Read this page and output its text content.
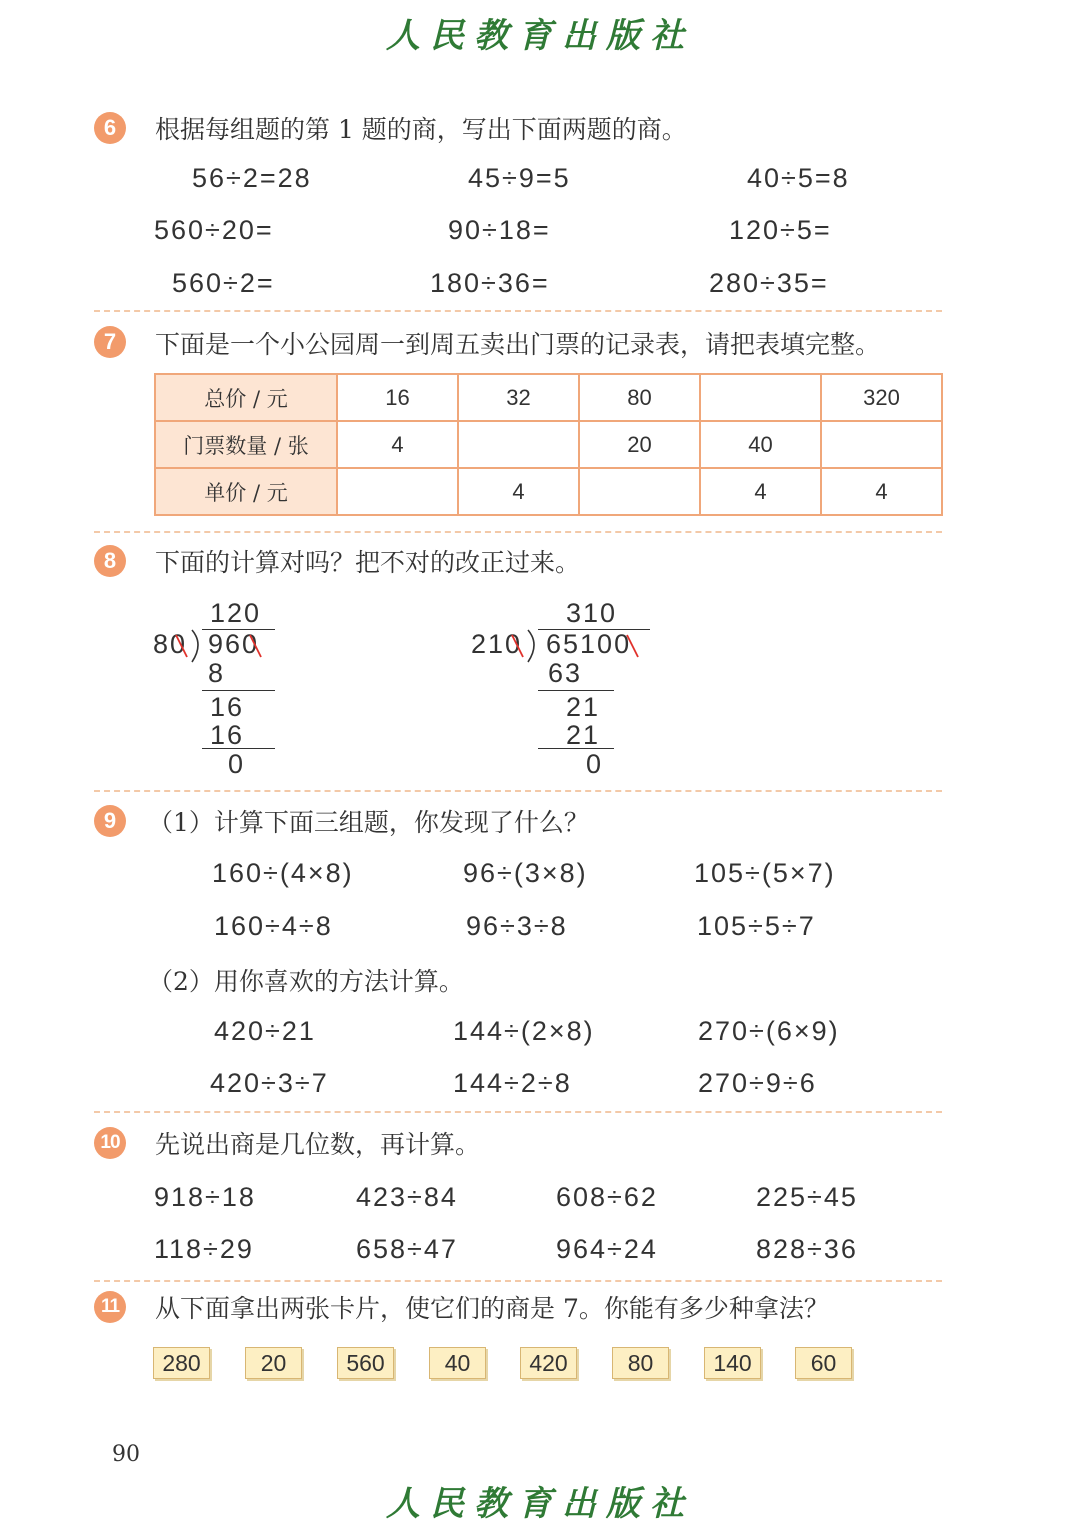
人民教育出版社
6	根据每组题的第 1 题的商，写出下面两题的商。
56÷2=28
560÷20=
560÷2=
45÷9=5
90÷18=
180÷36=
40÷5=8
120÷5=
280÷35=
7	下面是一个小公园周一到周五卖出门票的记录表，请把表填完整。
总价 / 元	16	32	80		320
门票数量 / 张	4		20	40	
单价 / 元		4		4	4
8	下面的计算对吗？把不对的改正过来。
120
80 960
8
16
16
0
310
210 65100
63
21
21
0
9	（1）计算下面三组题，你发现了什么？
160÷(4×8)
160÷4÷8
96÷(3×8)
96÷3÷8
105÷(5×7)
105÷5÷7
（2）用你喜欢的方法计算。
420÷21
420÷3÷7
144÷(2×8)
144÷2÷8
270÷(6×9)
270÷9÷6
10 先说出商是几位数，再计算。
918÷18
118÷29
423÷84
658÷47
608÷62
964÷24
225÷45
828÷36
11 从下面拿出两张卡片，使它们的商是 7。你能有多少种拿法？
280	20	560	40	420	80	140	60
90
人民教育出版社
